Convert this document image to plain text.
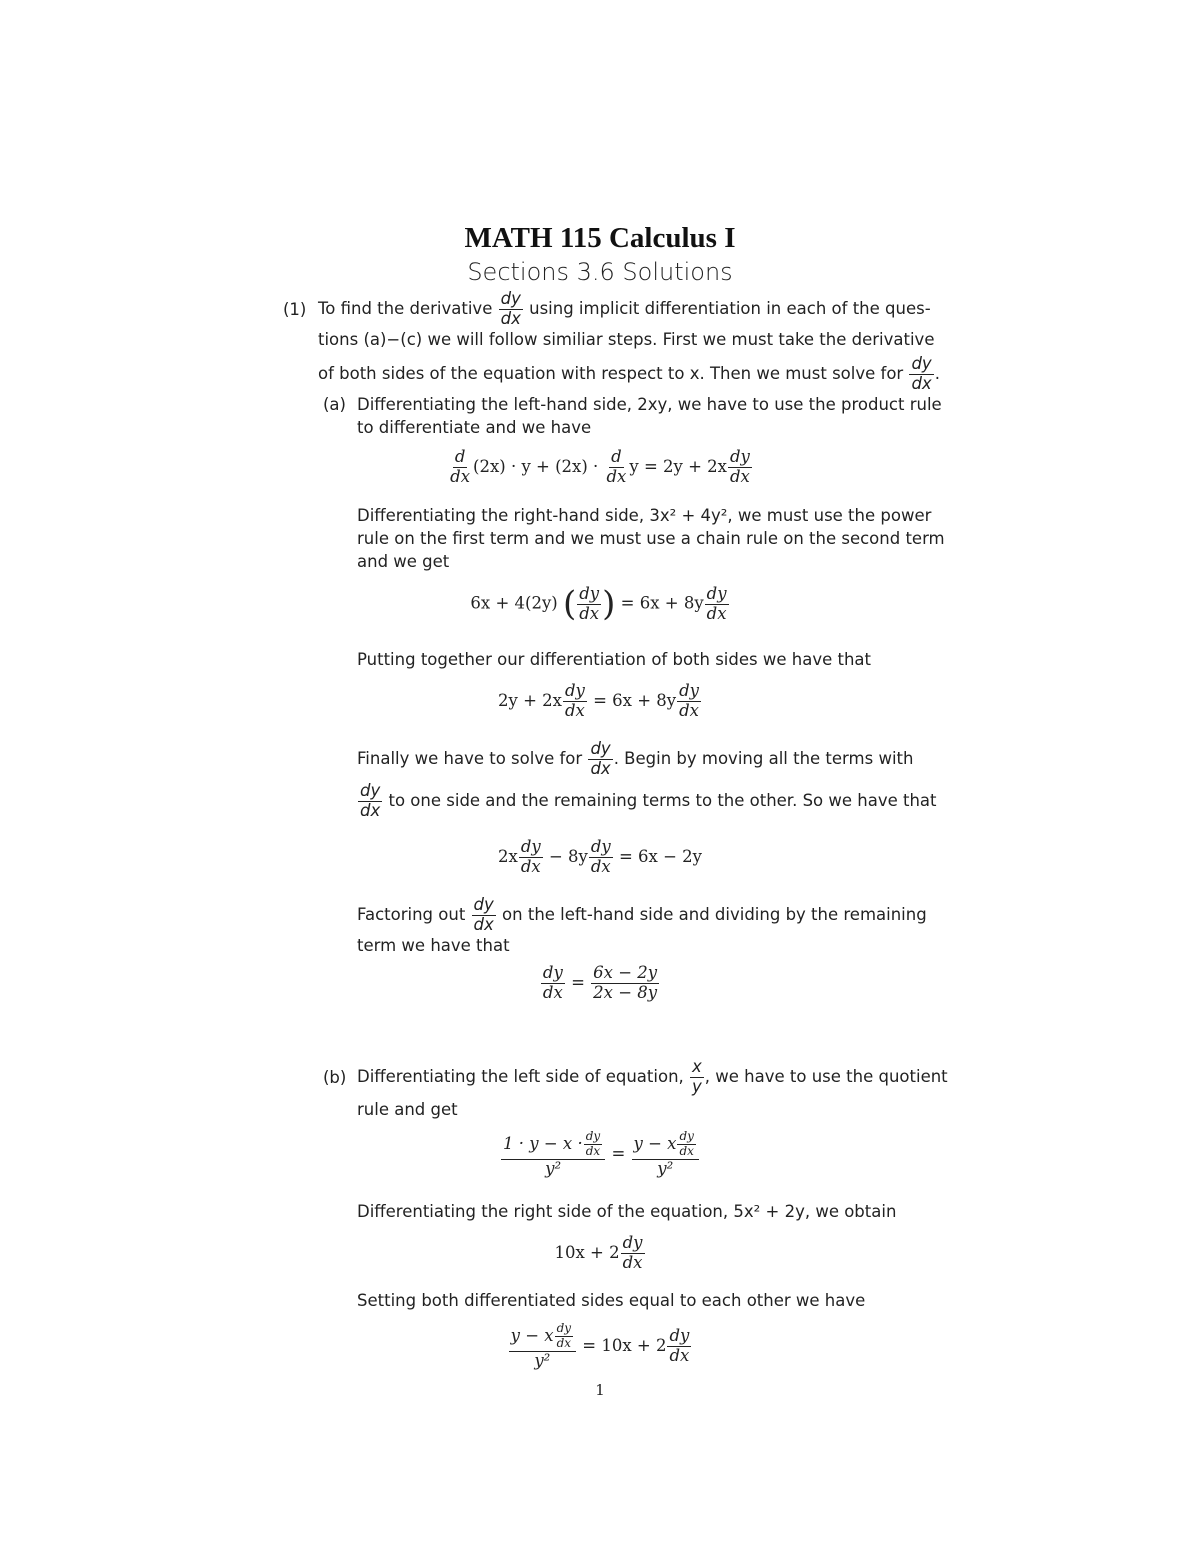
MATH 115 Calculus I
Sections 3.6 Solutions
(1) To find the derivative $\frac{dy}{dx}$ using implicit differentiation in each of the ques-
tions (a)−(c) we will follow similiar steps. First we must take the derivative
of both sides of the equation with respect to x. Then we must solve for $\frac{dy}{dx}$ .
(a) Differentiating the left-hand side, 2xy, we have to use the product rule
to differentiate and we have
$\frac{d}{dx} (2x) \cdot y + (2x) \cdot \frac{d}{dx}$ $y = 2y + 2x \frac{dy}{dx}$
Differentiating the right-hand side, 3x² + 4y², we must use the power
rule on the first term and we must use a chain rule on the second term
and we get
6x + 4(2y) ( $\frac{dy}{dx}$ ) = $6x + 8y \frac{dy}{dx}$
Putting together our differentiation of both sides we have that
$2y + 2x \frac{dy}{dx} = 6x + 8y \frac{dy}{dx}$
Finally we have to solve for $\frac{dy}{dx}$ . Begin by moving all the terms with
$\frac{dy}{dx}$ to one side and the remaining terms to the other. So we have that
$2x \frac{dy}{dx} - 8y \frac{dy}{dx} = 6x - 2y$
Factoring out $\frac{dy}{dx}$ on the left-hand side and dividing by the remaining
term we have that
$\frac{dy}{dx} = \frac{6x - 2y}{2x - 8y}$
(b) Differentiating the left side of equation, $\frac{x}{y}$ , we have to use the quotient
rule and get
$\frac{1 \cdot y - x \cdot \frac{dy}{dx}}{\text{y²}} = \frac{y - x \frac{dy}{dx}}{\text{y²}}$
Differentiating the right side of the equation, 5x² + 2y, we obtain
$10x + 2 \frac{dy}{dx}$
Setting both differentiated sides equal to each other we have
$\frac{y - x \frac{dy}{dx}}{\text{y²}} = 10x + 2 \frac{dy}{dx}$
1
